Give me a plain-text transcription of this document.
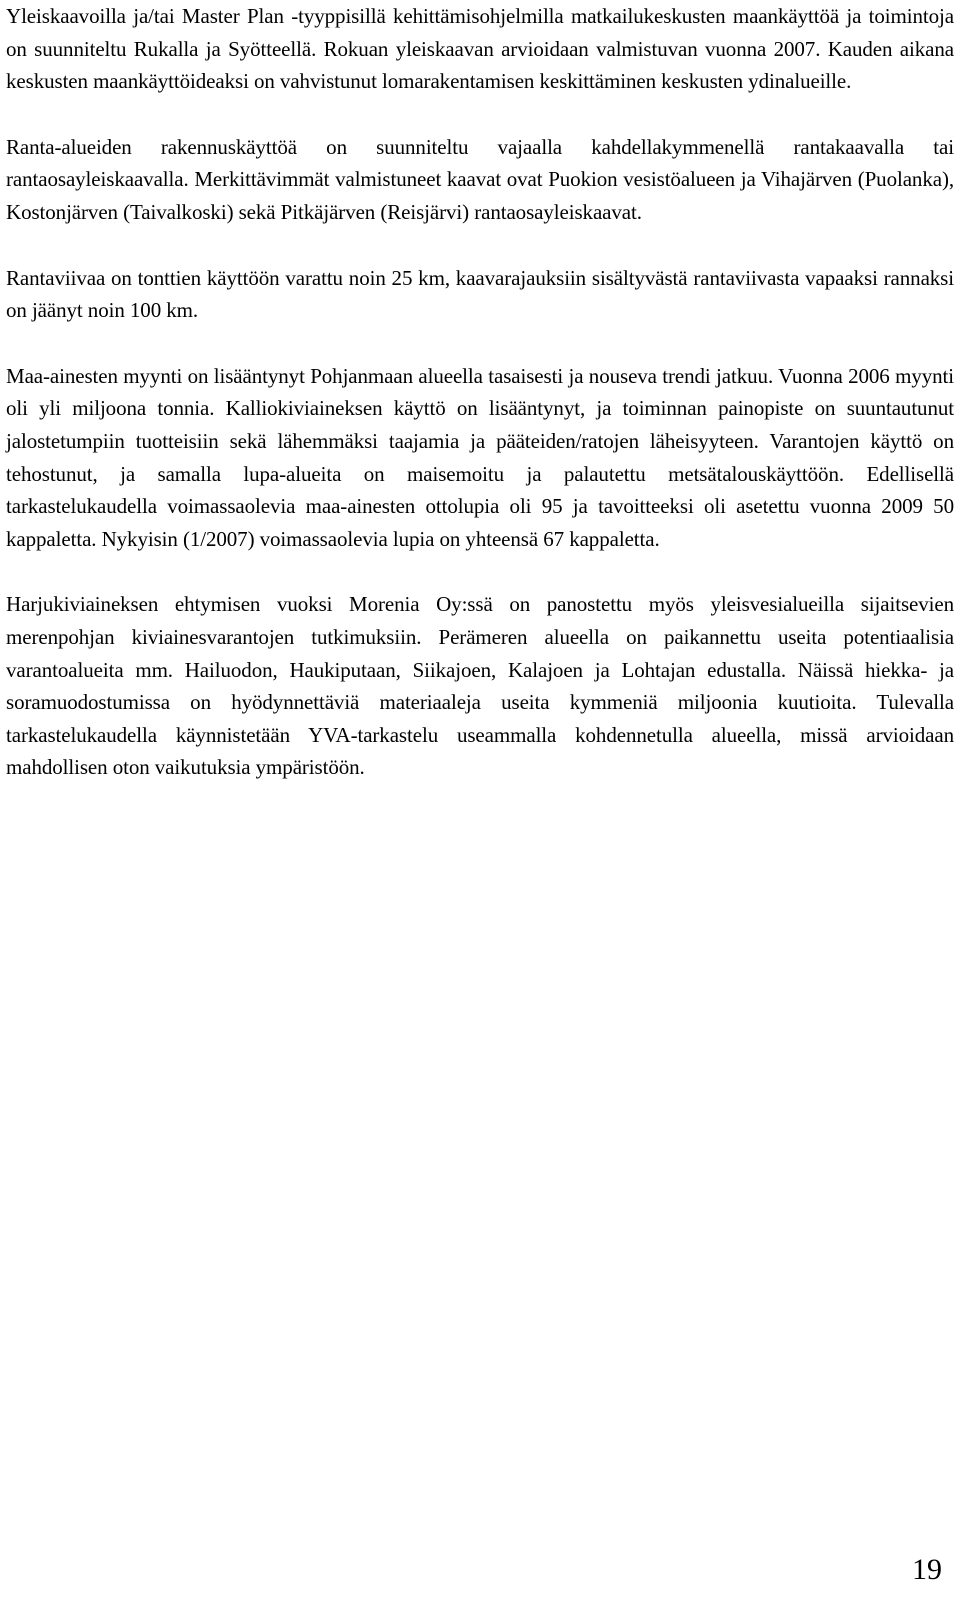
Yleiskaavoilla ja/tai Master Plan -tyyppisillä kehittämisohjelmilla matkailukeskusten maankäyttöä ja toimintoja on suunniteltu Rukalla ja Syötteellä. Rokuan yleiskaavan arvioidaan valmistuvan vuonna 2007. Kauden aikana keskusten maankäyttöideaksi on vahvistunut lomarakentamisen keskittäminen keskusten ydinalueille.

Ranta-alueiden rakennuskäyttöä on suunniteltu vajaalla kahdellakymmenellä rantakaavalla tai rantaosayleiskaavalla. Merkittävimmät valmistuneet kaavat ovat Puokion vesistöalueen ja Vihajärven (Puolanka), Kostonjärven (Taivalkoski) sekä Pitkäjärven (Reisjärvi) rantaosayleiskaavat.

Rantaviivaa on tonttien käyttöön varattu noin 25 km, kaavarajauksiin sisältyvästä rantaviivasta vapaaksi rannaksi on jäänyt noin 100 km.

Maa-ainesten myynti on lisääntynyt Pohjanmaan alueella tasaisesti ja nouseva trendi jatkuu. Vuonna 2006 myynti oli yli miljoona tonnia. Kalliokiviaineksen käyttö on lisääntynyt, ja toiminnan painopiste on suuntautunut jalostetumpiin tuotteisiin sekä lähemmäksi taajamia ja pääteiden/ratojen läheisyyteen. Varantojen käyttö on tehostunut, ja samalla lupa-alueita on maisemoitu ja palautettu metsätalouskäyttöön. Edellisellä tarkastelukaudella voimassaolevia maa-ainesten ottolupia oli 95 ja tavoitteeksi oli asetettu vuonna 2009 50 kappaletta. Nykyisin (1/2007) voimassaolevia lupia on yhteensä 67 kappaletta.

Harjukiviaineksen ehtymisen vuoksi Morenia Oy:ssä on panostettu myös yleisvesialueilla sijaitsevien merenpohjan kiviainesvarantojen tutkimuksiin. Perämeren alueella on paikannettu useita potentiaalisia varantoalueita mm. Hailuodon, Haukiputaan, Siikajoen, Kalajoen ja Lohtajan edustalla. Näissä hiekka- ja soramuodostumissa on hyödynnettäviä materiaaleja useita kymmeniä miljoonia kuutioita. Tulevalla tarkastelukaudella käynnistetään YVA-tarkastelu useammalla kohdennetulla alueella, missä arvioidaan mahdollisen oton vaikutuksia ympäristöön.

19
